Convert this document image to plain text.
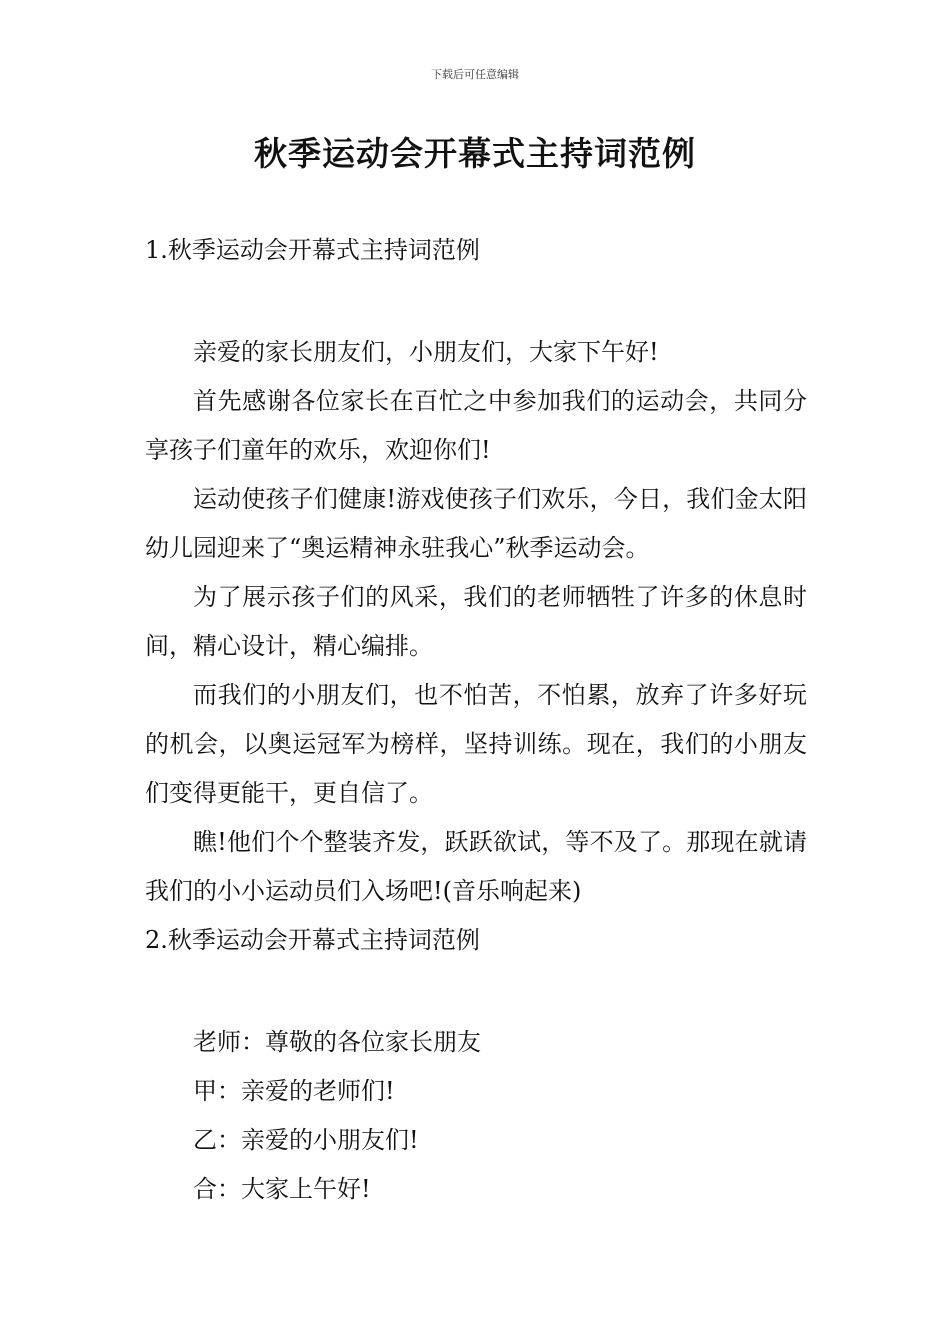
下载后可任意编辑
秋季运动会开幕式主持词范例
1.秋季运动会开幕式主持词范例

亲爱的家长朋友们，小朋友们，大家下午好!

首先感谢各位家长在百忙之中参加我们的运动会，共同分享孩子们童年的欢乐，欢迎你们!

运动使孩子们健康!游戏使孩子们欢乐，今日，我们金太阳幼儿园迎来了“奥运精神永驻我心”秋季运动会。

为了展示孩子们的风采，我们的老师牺牲了许多的休息时间，精心设计，精心编排。

而我们的小朋友们，也不怕苦，不怕累，放弃了许多好玩的机会，以奥运冠军为榜样，坚持训练。现在，我们的小朋友们变得更能干，更自信了。

瞧!他们个个整装齐发，跃跃欲试，等不及了。那现在就请我们的小小运动员们入场吧!(音乐响起来)

2.秋季运动会开幕式主持词范例

老师：尊敬的各位家长朋友

甲：亲爱的老师们!

乙：亲爱的小朋友们!

合：大家上午好!
